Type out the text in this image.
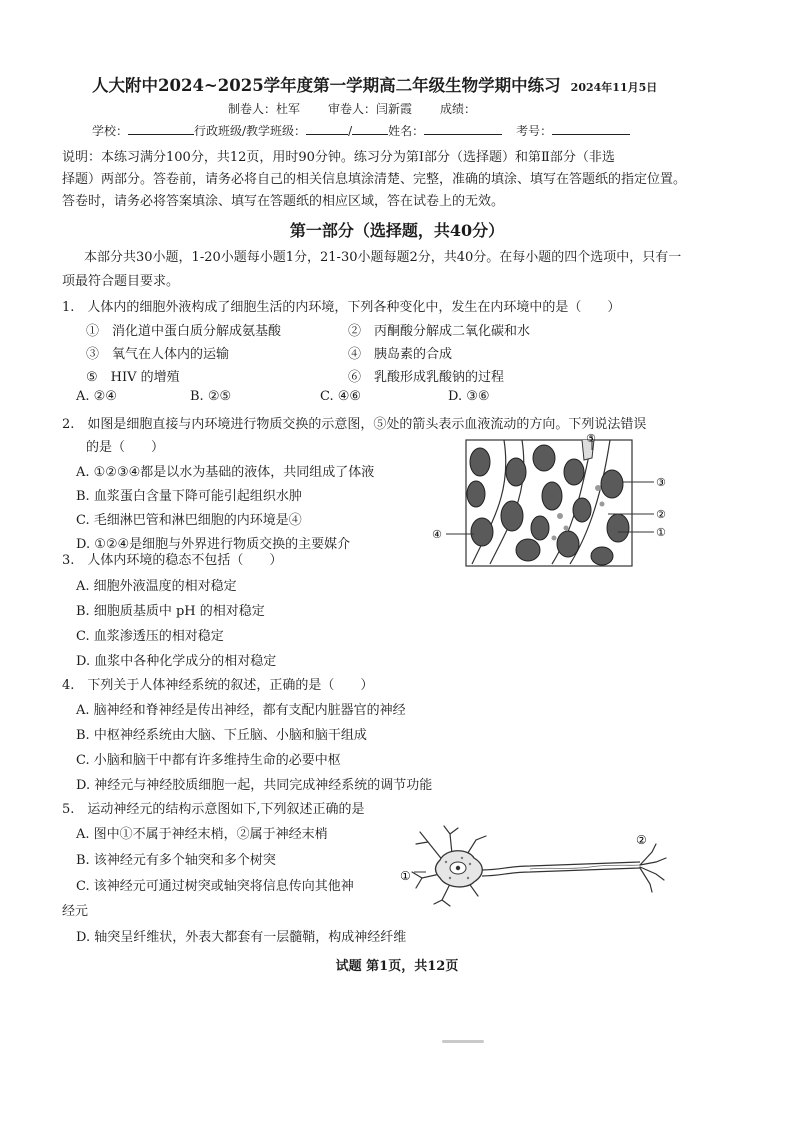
人大附中2024~2025学年度第一学期高二年级生物学期中练习 2024年11月5日
制卷人：杜军 审卷人：闫新霞 成绩：
学校：	行政班级/教学班级：	/	姓名：	考号：
说明：本练习满分100分，共12页，用时90分钟。练习分为第Ⅰ部分（选择题）和第Ⅱ部分（非选
择题）两部分。答卷前，请务必将自己的相关信息填涂清楚、完整，准确的填涂、填写在答题纸的指定位置。
答卷时，请务必将答案填涂、填写在答题纸的相应区域，答在试卷上的无效。
第一部分（选择题，共40分）
本部分共30小题，1-20小题每小题1分，21-30小题每题2分，共40分。在每小题的四个选项中，只有一
项最符合题目要求。
1.　人体内的细胞外液构成了细胞生活的内环境，下列各种变化中，发生在内环境中的是（　　）
①　消化道中蛋白质分解成氨基酸	②　丙酮酸分解成二氧化碳和水
③　氧气在人体内的运输	④　胰岛素的合成
⑤　HIV 的增殖	⑥　乳酸形成乳酸钠的过程
A. ②④	B. ②⑤	C. ④⑥	D. ③⑥
2.　如图是细胞直接与内环境进行物质交换的示意图，⑤处的箭头表示血液流动的方向。下列说法错误
的是（　　）
A. ①②③④都是以水为基础的液体，共同组成了体液
B. 血浆蛋白含量下降可能引起组织水肿
C. 毛细淋巴管和淋巴细胞的内环境是④
D. ①②④是细胞与外界进行物质交换的主要媒介
⑤
③
②
①
④
3.　人体内环境的稳态不包括（　　）
A. 细胞外液温度的相对稳定
B. 细胞质基质中 pH 的相对稳定
C. 血浆渗透压的相对稳定
D. 血浆中各种化学成分的相对稳定
4.　下列关于人体神经系统的叙述，正确的是（　　）
A. 脑神经和脊神经是传出神经，都有支配内脏器官的神经
B. 中枢神经系统由大脑、下丘脑、小脑和脑干组成
C. 小脑和脑干中都有许多维持生命的必要中枢
D. 神经元与神经胶质细胞一起，共同完成神经系统的调节功能
5.　运动神经元的结构示意图如下,下列叙述正确的是
A. 图中①不属于神经末梢，②属于神经末梢
B. 该神经元有多个轴突和多个树突
C. 该神经元可通过树突或轴突将信息传向其他神
经元
D. 轴突呈纤维状，外表大都套有一层髓鞘，构成神经纤维
①
②
试题 第1页，共12页
